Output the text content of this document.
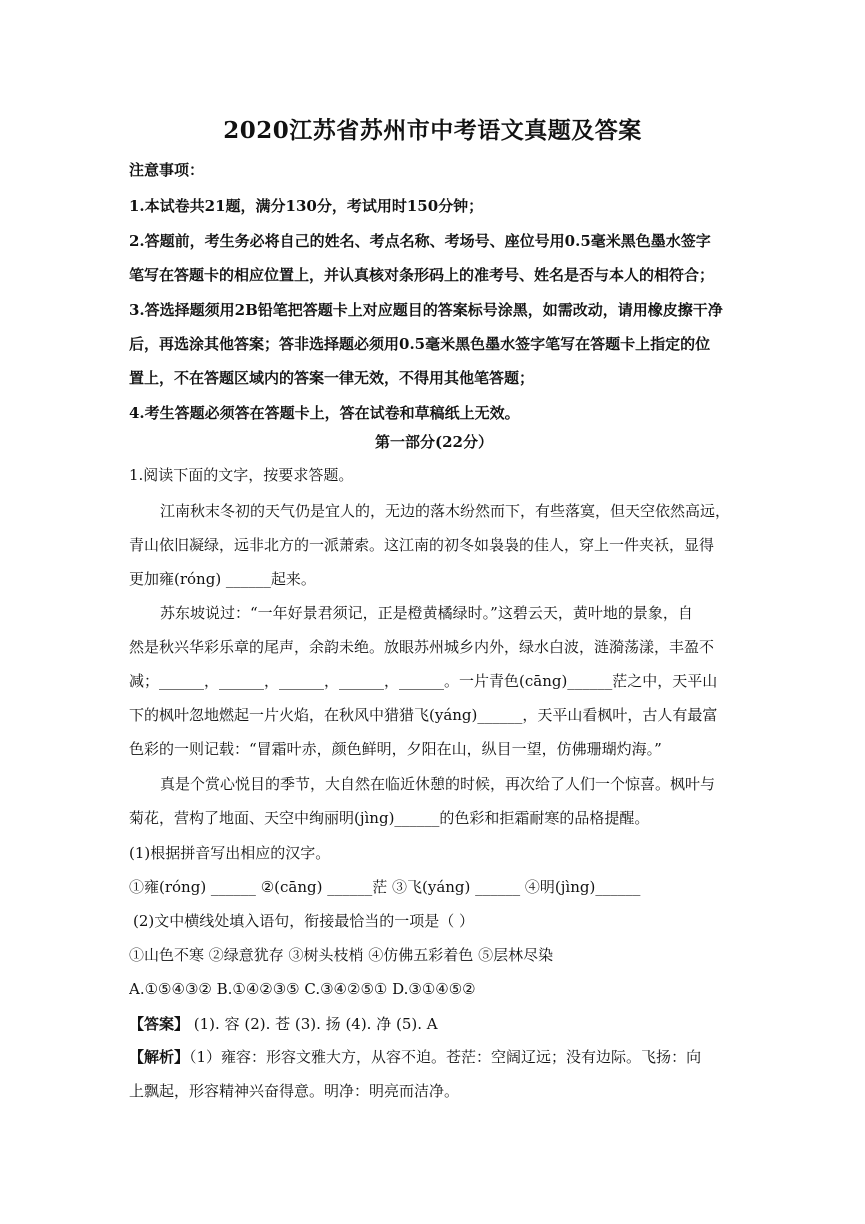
2020江苏省苏州市中考语文真题及答案
注意事项：
1.本试卷共21题，满分130分，考试用时150分钟；
2.答题前，考生务必将自己的姓名、考点名称、考场号、座位号用0.5毫米黑色墨水签字
笔写在答题卡的相应位置上，并认真核对条形码上的准考号、姓名是否与本人的相符合；
3.答选择题须用2B铅笔把答题卡上对应题目的答案标号涂黑，如需改动，请用橡皮擦干净
后，再选涂其他答案；答非选择题必须用0.5毫米黑色墨水签字笔写在答题卡上指定的位
置上，不在答题区域内的答案一律无效，不得用其他笔答题；
4.考生答题必须答在答题卡上，答在试卷和草稿纸上无效。
第一部分(22分）
1.阅读下面的文字，按要求答题。
江南秋末冬初的天气仍是宜人的，无边的落木纷然而下，有些落寞，但天空依然高远，
青山依旧凝绿，远非北方的一派萧索。这江南的初冬如袅袅的佳人，穿上一件夹袄，显得
更加雍(róng) ______起来。
苏东坡说过：“一年好景君须记，正是橙黄橘绿时。”这碧云天，黄叶地的景象，自
然是秋兴华彩乐章的尾声，余韵未绝。放眼苏州城乡内外，绿水白波，涟漪荡漾，丰盈不
减；______，______，______，______，______。一片青色(cāng)______茫之中，天平山
下的枫叶忽地燃起一片火焰，在秋风中猎猎飞(yáng)______，天平山看枫叶，古人有最富
色彩的一则记载：“冒霜叶赤，颜色鲜明，夕阳在山，纵目一望，仿佛珊瑚灼海。”
真是个赏心悦目的季节，大自然在临近休憩的时候，再次给了人们一个惊喜。枫叶与
菊花，营构了地面、天空中绚丽明(jìng)______的色彩和拒霜耐寒的品格提醒。
(1)根据拼音写出相应的汉字。
①雍(róng) ______ ②(cāng) ______茫 ③飞(yáng) ______ ④明(jìng)______
(2)文中横线处填入语句，衔接最恰当的一项是（ ）
①山色不寒 ②绿意犹存 ③树头枝梢 ④仿佛五彩着色 ⑤层林尽染
A.①⑤④③② B.①④②③⑤ C.③④②⑤① D.③①④⑤②
【答案】 (1). 容 (2). 苍 (3). 扬 (4). 净 (5). A
【解析】（1）雍容：形容文雅大方，从容不迫。苍茫：空阔辽远；没有边际。飞扬：向
上飘起，形容精神兴奋得意。明净：明亮而洁净。
